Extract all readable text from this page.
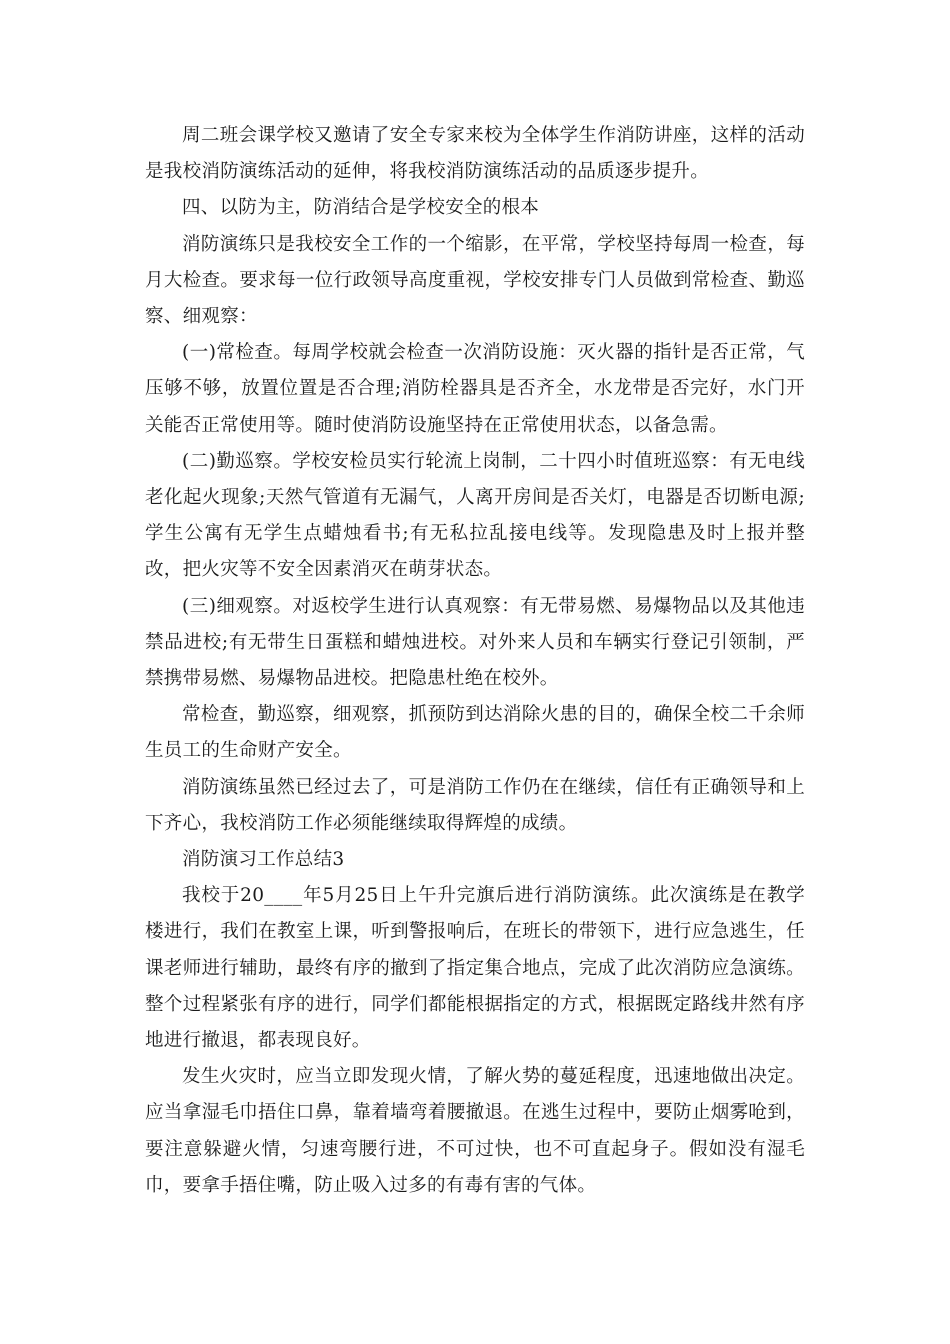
周二班会课学校又邀请了安全专家来校为全体学生作消防讲座，这样的活动是我校消防演练活动的延伸，将我校消防演练活动的品质逐步提升。

四、以防为主，防消结合是学校安全的根本

消防演练只是我校安全工作的一个缩影，在平常，学校坚持每周一检查，每月大检查。要求每一位行政领导高度重视，学校安排专门人员做到常检查、勤巡察、细观察：

(一)常检查。每周学校就会检查一次消防设施：灭火器的指针是否正常，气压够不够，放置位置是否合理;消防栓器具是否齐全，水龙带是否完好，水门开关能否正常使用等。随时使消防设施坚持在正常使用状态，以备急需。

(二)勤巡察。学校安检员实行轮流上岗制，二十四小时值班巡察：有无电线老化起火现象;天然气管道有无漏气，人离开房间是否关灯，电器是否切断电源;学生公寓有无学生点蜡烛看书;有无私拉乱接电线等。发现隐患及时上报并整改，把火灾等不安全因素消灭在萌芽状态。

(三)细观察。对返校学生进行认真观察：有无带易燃、易爆物品以及其他违禁品进校;有无带生日蛋糕和蜡烛进校。对外来人员和车辆实行登记引领制，严禁携带易燃、易爆物品进校。把隐患杜绝在校外。

常检查，勤巡察，细观察，抓预防到达消除火患的目的，确保全校二千余师生员工的生命财产安全。

消防演练虽然已经过去了，可是消防工作仍在在继续，信任有正确领导和上下齐心，我校消防工作必须能继续取得辉煌的成绩。

消防演习工作总结3

我校于20____年5月25日上午升完旗后进行消防演练。此次演练是在教学楼进行，我们在教室上课，听到警报响后，在班长的带领下，进行应急逃生，任课老师进行辅助，最终有序的撤到了指定集合地点，完成了此次消防应急演练。整个过程紧张有序的进行，同学们都能根据指定的方式，根据既定路线井然有序地进行撤退，都表现良好。

发生火灾时，应当立即发现火情，了解火势的蔓延程度，迅速地做出决定。应当拿湿毛巾捂住口鼻，靠着墙弯着腰撤退。在逃生过程中，要防止烟雾呛到，要注意躲避火情，匀速弯腰行进，不可过快，也不可直起身子。假如没有湿毛巾，要拿手捂住嘴，防止吸入过多的有毒有害的气体。
